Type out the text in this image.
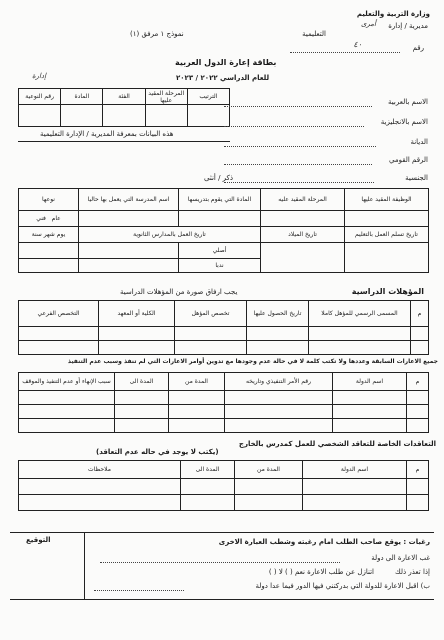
وزارة التربية والتعليم
مديرية / إدارة
أمرى
التعليمية
رقم
٤٠
نموذج ١ مرفق (١)
إدارة
بطاقة إعارة الدول العربية
للعام الدراسي ٢٠٢٢ / ٢٠٢٣
الترتيب	المرحلة المقيد عليها	الفئة	المادة	رقم النوعية

هذه البيانات بمعرفة المديرية / الإدارة التعليمية
الاسم بالعربية
الاسم بالانجليزية
الديانة
الرقم القومي
الجنسية
ذكر / أنثى
الوظيفة المقيد عليها	المرحلة المقيد عليه	المادة التي يقوم بتدريسها	اسم المدرسة التي يعمل بها حاليا	نوعها

				عام   فني
تاريخ تسلم العمل بالتعليم	تاريخ الميلاد	تاريخ العمل بالمدارس الثانوية		يوم شهر سنة
		أصلي		
		ندبا		
المؤهلات الدراسية
يجب ارفاق صورة من المؤهلات الدراسية
م	المسمى الرسمي للمؤهل كاملا	تاريخ الحصول عليها	تخصص المؤهل	الكلية أو المعهد	التخصص الفرعي

جميع الاعارات السابقة وعددها ولا تكتب كلمة لا في حالة عدم وجودها مع تدوين أوامر الاعارات التي لم تنفذ وسبب عدم التنفيذ
م	اسم الدولة	رقم الأمر التنفيذي وتاريخه	المدة من	المدة الى	سبب الإنهاء أو عدم التنفيذ والموقف

التعاقدات الخاصة للتعاقد الشخصي للعمل كمدرس بالخارج
(يكتب لا يوجد في حاله عدم التعاقد)
م	اسم الدولة	المدة من	المدة الى	ملاحظات

رغبات : يوقع صاحب الطلب امام رغبته وشطب العبارة الاخرى
التوقيع
غب الاعارة الى دولة
إذا تعذر ذلك
اتنازل عن طلب الاعارة نعم ( ) لا ( )
ب) اقبل الاعارة للدولة التي بدركتني فيها الدور فيما عدا دولة
